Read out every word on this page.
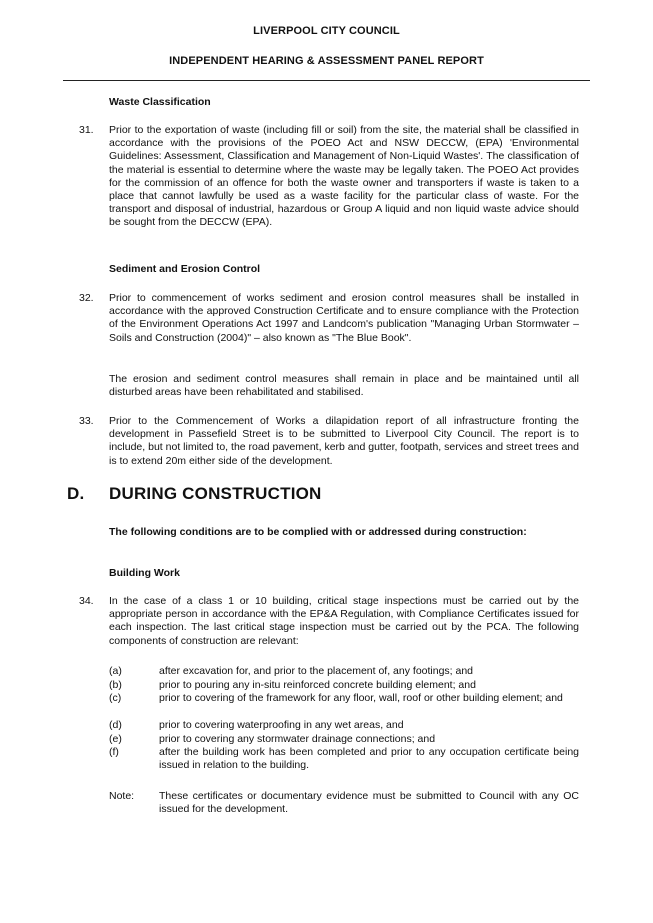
LIVERPOOL CITY COUNCIL
INDEPENDENT HEARING & ASSESSMENT PANEL REPORT
Waste Classification
31. Prior to the exportation of waste (including fill or soil) from the site, the material shall be classified in accordance with the provisions of the POEO Act and NSW DECCW, (EPA) 'Environmental Guidelines: Assessment, Classification and Management of Non-Liquid Wastes'. The classification of the material is essential to determine where the waste may be legally taken. The POEO Act provides for the commission of an offence for both the waste owner and transporters if waste is taken to a place that cannot lawfully be used as a waste facility for the particular class of waste. For the transport and disposal of industrial, hazardous or Group A liquid and non liquid waste advice should be sought from the DECCW (EPA).

Sediment and Erosion Control
32. Prior to commencement of works sediment and erosion control measures shall be installed in accordance with the approved Construction Certificate and to ensure compliance with the Protection of the Environment Operations Act 1997 and Landcom's publication "Managing Urban Stormwater – Soils and Construction (2004)" – also known as "The Blue Book".

The erosion and sediment control measures shall remain in place and be maintained until all disturbed areas have been rehabilitated and stabilised.

33. Prior to the Commencement of Works a dilapidation report of all infrastructure fronting the development in Passefield Street is to be submitted to Liverpool City Council. The report is to include, but not limited to, the road pavement, kerb and gutter, footpath, services and street trees and is to extend 20m either side of the development.

D. DURING CONSTRUCTION

The following conditions are to be complied with or addressed during construction:

Building Work
34. In the case of a class 1 or 10 building, critical stage inspections must be carried out by the appropriate person in accordance with the EP&A Regulation, with Compliance Certificates issued for each inspection. The last critical stage inspection must be carried out by the PCA. The following components of construction are relevant:

(a)	after excavation for, and prior to the placement of, any footings; and

(b)	prior to pouring any in-situ reinforced concrete building element; and

(c)	prior to covering of the framework for any floor, wall, roof or other building element; and

(d)	prior to covering waterproofing in any wet areas, and

(e)	prior to covering any stormwater drainage connections; and

(f)	after the building work has been completed and prior to any occupation certificate being issued in relation to the building.

Note: These certificates or documentary evidence must be submitted to Council with any OC issued for the development.
